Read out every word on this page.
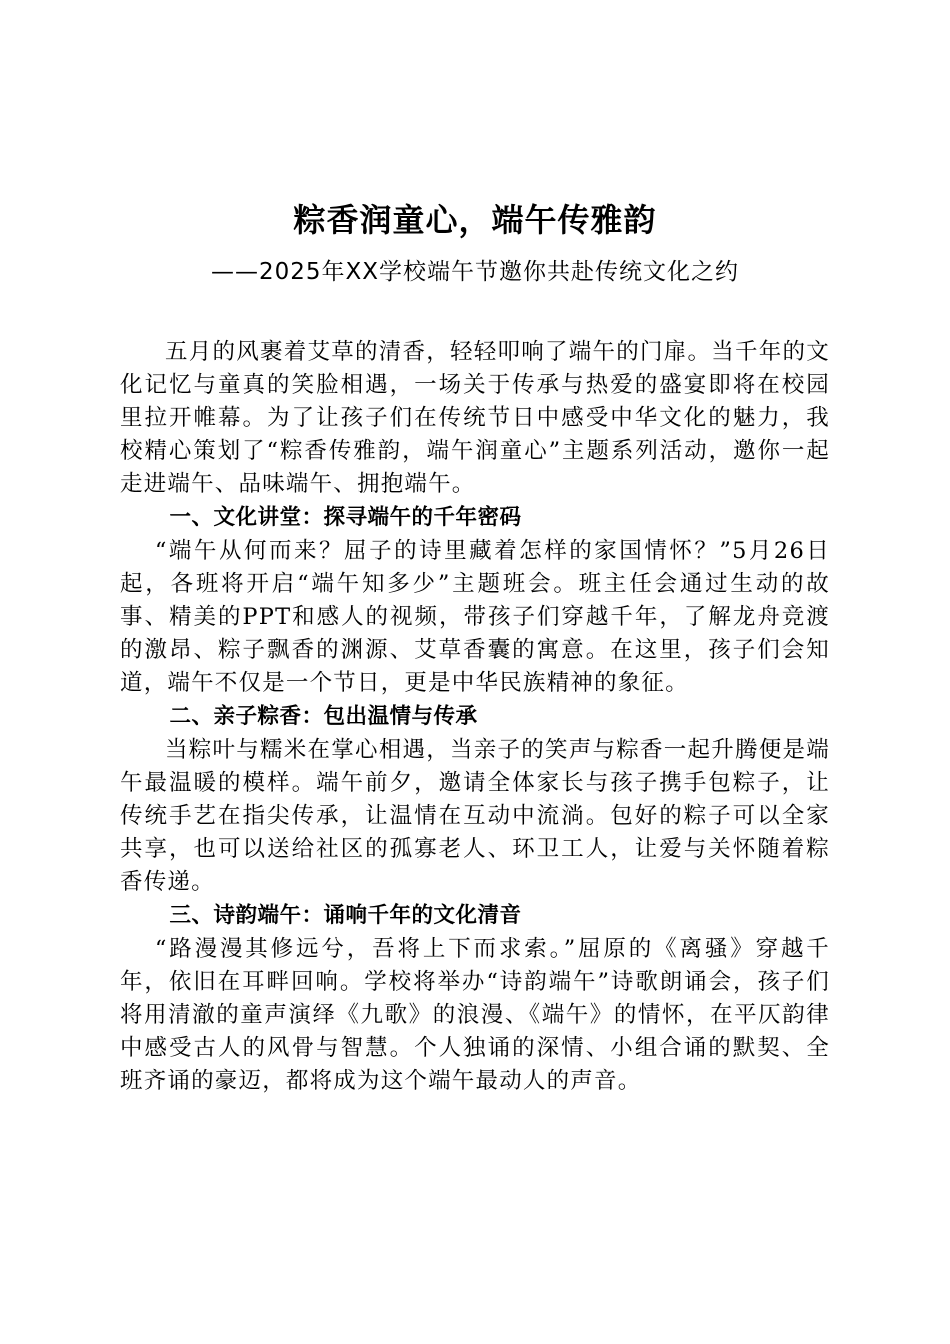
粽香润童心，端午传雅韵
——2025年XX学校端午节邀你共赴传统文化之约

五月的风裹着艾草的清香，轻轻叩响了端午的门扉。当千年的文化记忆与童真的笑脸相遇，一场关于传承与热爱的盛宴即将在校园里拉开帷幕。为了让孩子们在传统节日中感受中华文化的魅力，我校精心策划了“粽香传雅韵，端午润童心”主题系列活动，邀你一起走进端午、品味端午、拥抱端午。

一、文化讲堂：探寻端午的千年密码

“端午从何而来？屈子的诗里藏着怎样的家国情怀？”5月26日起，各班将开启“端午知多少”主题班会。班主任会通过生动的故事、精美的PPT和感人的视频，带孩子们穿越千年，了解龙舟竞渡的激昂、粽子飘香的渊源、艾草香囊的寓意。在这里，孩子们会知道，端午不仅是一个节日，更是中华民族精神的象征。

二、亲子粽香：包出温情与传承

当粽叶与糯米在掌心相遇，当亲子的笑声与粽香一起升腾便是端午最温暖的模样。端午前夕，邀请全体家长与孩子携手包粽子，让传统手艺在指尖传承，让温情在互动中流淌。包好的粽子可以全家共享，也可以送给社区的孤寡老人、环卫工人，让爱与关怀随着粽香传递。

三、诗韵端午：诵响千年的文化清音

“路漫漫其修远兮，吾将上下而求索。”屈原的《离骚》穿越千年，依旧在耳畔回响。学校将举办“诗韵端午”诗歌朗诵会，孩子们将用清澈的童声演绎《九歌》的浪漫、《端午》的情怀，在平仄韵律中感受古人的风骨与智慧。个人独诵的深情、小组合诵的默契、全班齐诵的豪迈，都将成为这个端午最动人的声音。
